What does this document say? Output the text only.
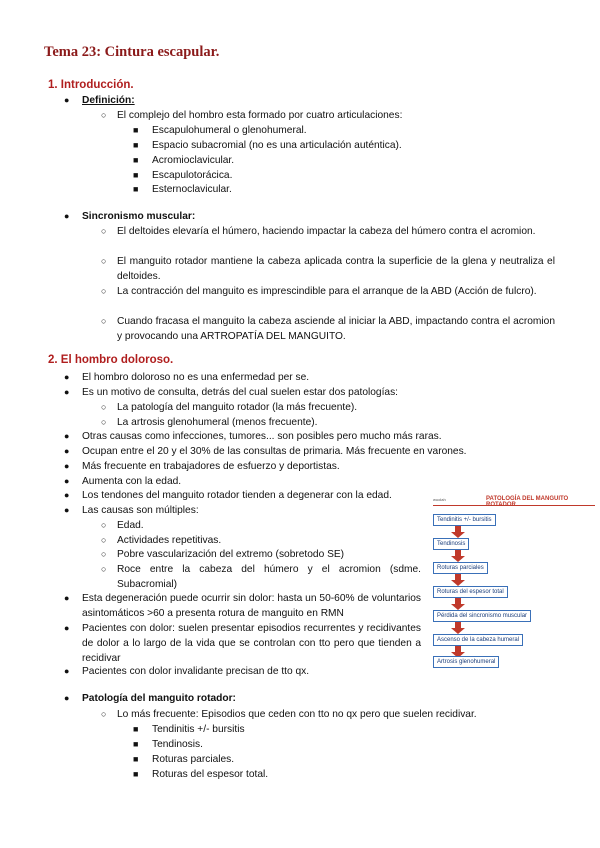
Tema 23: Cintura escapular.
1. Introducción.
● Definición:
○ El complejo del hombro esta formado por cuatro articulaciones:
■ Escapulohumeral o glenohumeral.
■ Espacio subacromial (no es una articulación auténtica).
■ Acromioclavicular.
■ Escapulotorácica.
■ Esternoclavicular.
● Sincronismo muscular:
○ El deltoides elevaría el húmero, haciendo impactar la cabeza del húmero contra el acromion.
○ El manguito rotador mantiene la cabeza aplicada contra la superficie de la glena y neutraliza el deltoides.
○ La contracción del manguito es imprescindible para el arranque de la ABD (Acción de fulcro).
○ Cuando fracasa el manguito la cabeza asciende al iniciar la ABD, impactando contra el acromion y provocando una ARTROPATÍA DEL MANGUITO.
2. El hombro doloroso.
● El hombro doloroso no es una enfermedad per se.
● Es un motivo de consulta, detrás del cual suelen estar dos patologías:
○ La patología del manguito rotador (la más frecuente).
○ La artrosis glenohumeral (menos frecuente).
● Otras causas como infecciones, tumores... son posibles pero mucho más raras.
● Ocupan entre el 20 y el 30% de las consultas de primaria. Más frecuente en varones.
● Más frecuente en trabajadores de esfuerzo y deportistas.
● Aumenta con la edad.
● Los tendones del manguito rotador tienden a degenerar con la edad.
● Las causas son múltiples:
○ Edad.
○ Actividades repetitivas.
○ Pobre vascularización del extremo (sobretodo SE)
○ Roce entre la cabeza del húmero y el acromion (sdme. Subacromial)
● Esta degeneración puede ocurrir sin dolor: hasta un 50-60% de voluntarios asintomáticos >60 a presenta rotura de manguito en RMN
● Pacientes con dolor: suelen presentar episodios recurrentes y recidivantes de dolor a lo largo de la vida que se controlan con tto pero que tienden a recidivar
● Pacientes con dolor invalidante precisan de tto qx.
● Patología del manguito rotador:
○ Lo más frecuente: Episodios que ceden con tto no qx pero que suelen recidivar.
■ Tendinitis +/- bursitis
■ Tendinosis.
■ Roturas parciales.
■ Roturas del espesor total.
wuolah	PATOLOGÍA DEL MANGUITO
Tendinitis +/- bursitis
Tendinosis
Roturas parciales
Roturas del espesor total
Pérdida del sincronismo muscular
Ascenso de la cabeza humeral
Artrosis glenohumeral
